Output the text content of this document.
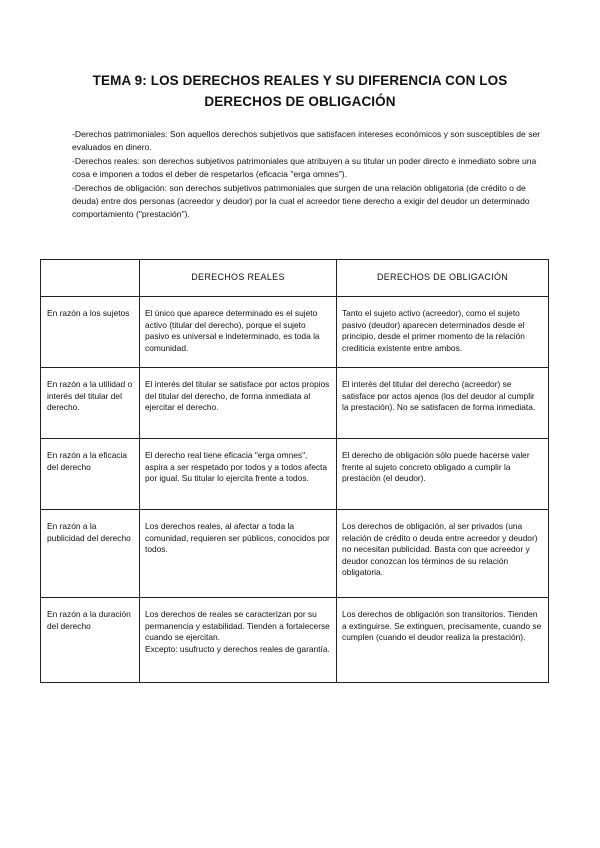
TEMA 9: LOS DERECHOS REALES Y SU DIFERENCIA CON LOS
DERECHOS DE OBLIGACIÓN

-Derechos patrimoniales: Son aquellos derechos subjetivos que satisfacen intereses económicos y son susceptibles de ser evaluados en dinero.

-Derechos reales: son derechos subjetivos patrimoniales que atribuyen a su titular un poder directo e inmediato sobre una cosa e imponen a todos el deber de respetarlos (eficacia "erga omnes").

-Derechos de obligación: son derechos subjetivos patrimoniales que surgen de una relación obligatoria (de crédito o de deuda) entre dos personas (acreedor y deudor) por la cual el acreedor tiene derecho a exigir del deudor un determinado comportamiento ("prestación").

	DERECHOS REALES	DERECHOS DE OBLIGACIÓN

En razón a los sujetos	El único que aparece determinado es el sujeto activo (titular del derecho), porque el sujeto pasivo es universal e indeterminado, es toda la comunidad.	Tanto el sujeto activo (acreedor), como el sujeto pasivo (deudor) aparecen determinados desde el principio, desde el primer momento de la relación crediticia existente entre ambos.

En razón a la utilidad o interés del titular del derecho.	El interés del titular se satisface por actos propios del titular del derecho, de forma inmediata al ejercitar el derecho.	El interés del titular del derecho (acreedor) se satisface por actos ajenos (los del deudor al cumplir la prestación). No se satisfacen de forma inmediata.

En razón a la eficacia del derecho	El derecho real tiene eficacia "erga omnes", aspira a ser respetado por todos y a todos afecta por igual. Su titular lo ejercita frente a todos.	El derecho de obligación sólo puede hacerse valer frente al sujeto concreto obligado a cumplir la prestación (el deudor).

En razón a la publicidad del derecho	Los derechos reales, al afectar a toda la comunidad, requieren ser públicos, conocidos por todos.	Los derechos de obligación, al ser privados (una relación de crédito o deuda entre acreedor y deudor) no necesitan publicidad. Basta con que acreedor y deudor conozcan los términos de su relación obligatoria.

En razón a la duración del derecho	Los derechos de reales se caracterizan por su permanencia y estabilidad. Tienden a fortalecerse cuando se ejercitan.
Excepto: usufructo y derechos reales de garantía.	Los derechos de obligación son transitorios. Tienden a extinguirse. Se extinguen, precisamente, cuando se cumplen (cuando el deudor realiza la prestación).
